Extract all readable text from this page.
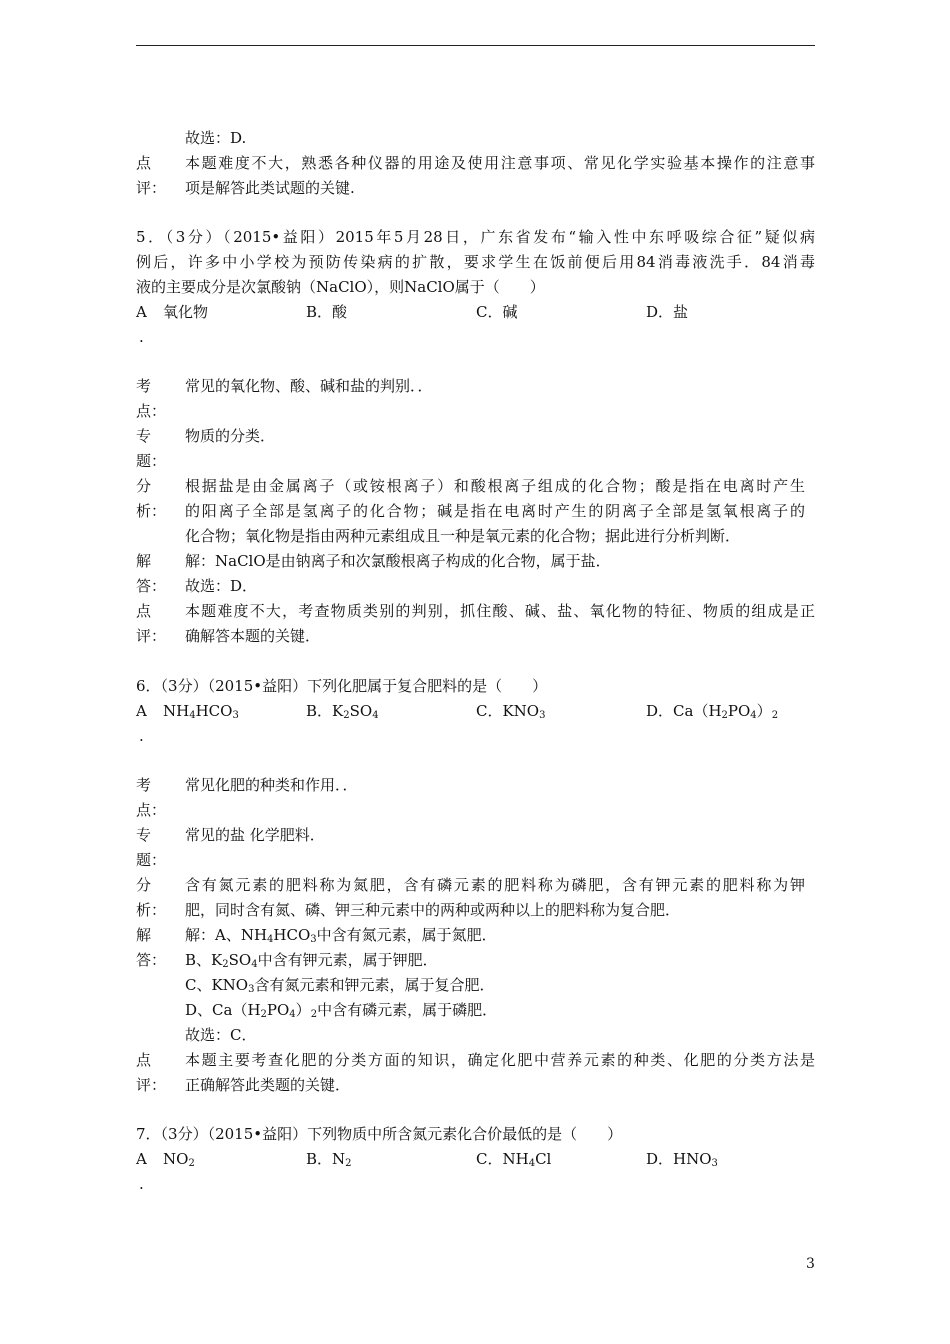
故选：D.
点
评：
本题难度不大，熟悉各种仪器的用途及使用注意事项、常见化学实验基本操作的注意事
项是解答此类试题的关键.
5．（3分）（2015•益阳）2015年5月28日，广东省发布“输入性中东呼吸综合征”疑似病
例后，许多中小学校为预防传染病的扩散，要求学生在饭前便后用84消毒液洗手．84消毒
液的主要成分是次氯酸钠（NaClO），则NaClO属于（　　）
A 氧化物	B．酸	C．碱	D．盐
.
考
点：
常见的氧化物、酸、碱和盐的判别．．
专
题：
物质的分类．
分
析：
根据盐是由金属离子（或铵根离子）和酸根离子组成的化合物；酸是指在电离时产生
的阳离子全部是氢离子的化合物；碱是指在电离时产生的阴离子全部是氢氧根离子的
化合物；氧化物是指由两种元素组成且一种是氧元素的化合物；据此进行分析判断．
解
答：
解：NaClO是由钠离子和次氯酸根离子构成的化合物，属于盐．
故选：D．
点
评：
本题难度不大，考查物质类别的判别，抓住酸、碱、盐、氧化物的特征、物质的组成是正
确解答本题的关键．
6．（3分）（2015•益阳）下列化肥属于复合肥料的是（　　）
A $NH_4HCO_3$	B．$K_2SO_4$	C．$KNO_3$	D．$Ca(H_2PO_4)_2$
.
考
点：
常见化肥的种类和作用．．
专
题：
常见的盐 化学肥料．
分
析：
含有氮元素的肥料称为氮肥，含有磷元素的肥料称为磷肥，含有钾元素的肥料称为钾
肥，同时含有氮、磷、钾三种元素中的两种或两种以上的肥料称为复合肥．
解
答：
解：A、$NH_4HCO_3$中含有氮元素，属于氮肥．
B、$K_2SO_4$中含有钾元素，属于钾肥．
C、$KNO_3$含有氮元素和钾元素，属于复合肥．
D、$Ca(H_2PO_4)_2$中含有磷元素，属于磷肥．
故选：C．
点
评：
本题主要考查化肥的分类方面的知识，确定化肥中营养元素的种类、化肥的分类方法是
正确解答此类题的关键．
7．（3分）（2015•益阳）下列物质中所含氮元素化合价最低的是（　　）
A $NO_2$	B．$N_2$	C．$NH_4Cl$	D．$HNO_3$
.
3
